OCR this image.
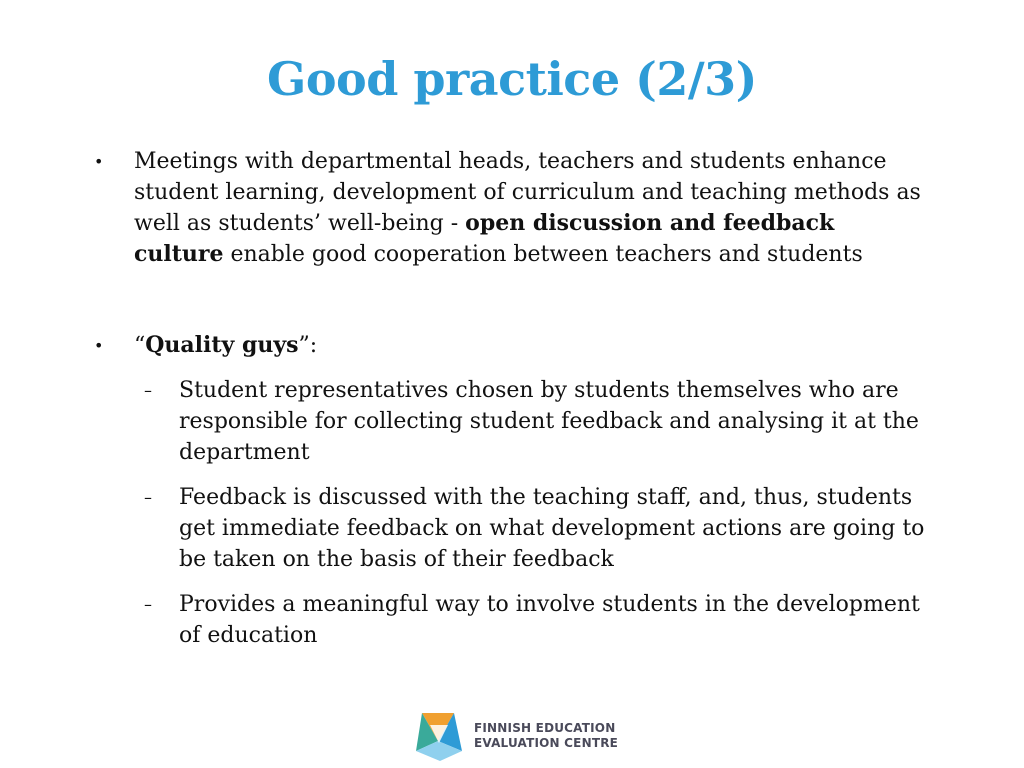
Good practice (2/3)
• Meetings with departmental heads, teachers and students enhance student learning, development of curriculum and teaching methods as well as students’ well-being - open discussion and feedback culture enable good cooperation between teachers and students
• “Quality guys”:
– Student representatives chosen by students themselves who are responsible for collecting student feedback and analysing it at the department
– Feedback is discussed with the teaching staff, and, thus, students get immediate feedback on what development actions are going to be taken on the basis of their feedback
– Provides a meaningful way to involve students in the development of education
FINNISH EDUCATION
EVALUATION CENTRE
